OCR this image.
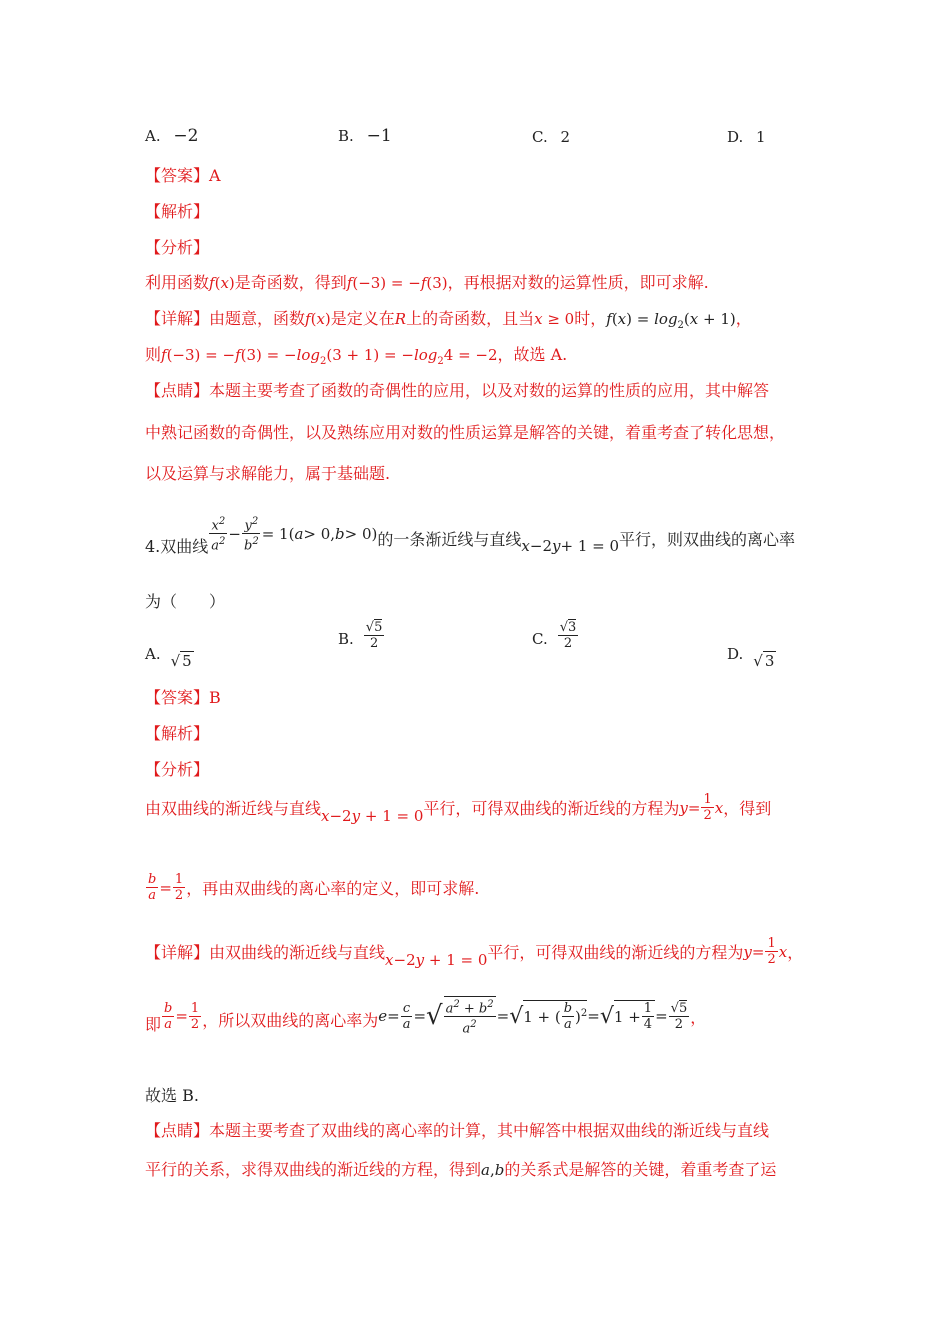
A. −2	B. −1	C. 2	D. 1
【答案】A
【解析】
【分析】
利用函数f(x)是奇函数，得到f(−3) = −f(3)，再根据对数的运算性质，即可求解.
【详解】由题意，函数f(x)是定义在R上的奇函数，且当x ≥ 0时，$f(x) = \log_2(x + 1)$，
则$f(-3) = -f(3) = -\log_2(3 + 1) = -\log_24 = -2$，故选 A.
【点睛】本题主要考查了函数的奇偶性的应用，以及对数的运算的性质的应用，其中解答
中熟记函数的奇偶性，以及熟练应用对数的性质运算是解答的关键，着重考查了转化思想，
以及运算与求解能力，属于基础题.
4.双曲线 $\frac{x^2}{a^2} - \frac{y^2}{b^2} = 1$( a > 0, b > 0) 的一条渐近线与直线 x −2 y + 1 = 0 平行，则双曲线的离心率
为（　　）
A. √ 5
B. $\frac{√5}{2}$	C. $\frac{√3}{2}$
D. √ 3
【答案】B
【解析】
【分析】
由双曲线的渐近线与直线 x−2y + 1 = 0 平行，可得双曲线的渐近线的方程为 $y = \frac{1}{2}$ x ，得到
$\frac{b}{a} = \frac{1}{2}$ ，再由双曲线的离心率的定义，即可求解.
【详解】 由双曲线的渐近线与直线 x−2y + 1 = 0 平行，可得双曲线的渐近线的方程为 $y = \frac{1}{2}$ x ，
即 $\frac{b}{a} = \frac{1}{2}$ ，所以双曲线的离心率为 $e = \frac{c}{a}$ = √ $\frac{a^2 + b^2}{a^2}$ = √ 1 + ( $\frac{b}{a} )^2$ = √ $1 + \frac{1}{4} = \frac{√5}{2}$ ，
故选 B.
【点睛】本题主要考查了双曲线的离心率的计算，其中解答中根据双曲线的渐近线与直线
平行的关系，求得双曲线的渐近线的方程，得到a,b的关系式是解答的关键，着重考查了运
